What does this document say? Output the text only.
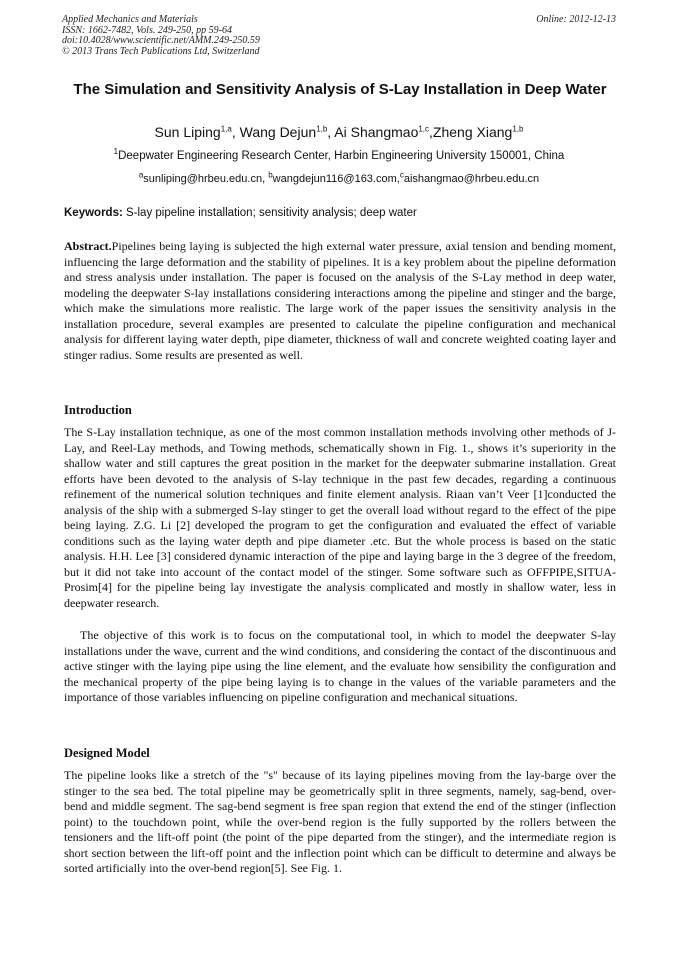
Applied Mechanics and Materials
ISSN: 1662-7482, Vols. 249-250, pp 59-64
doi:10.4028/www.scientific.net/AMM.249-250.59
© 2013 Trans Tech Publications Ltd, Switzerland
Online: 2012-12-13
The Simulation and Sensitivity Analysis of S-Lay Installation in Deep Water
Sun Liping$^{1,a}$, Wang Dejun$^{1,b}$, Ai Shangmao$^{1,c}$,Zheng Xiang$^{1,b}$
$^1$Deepwater Engineering Research Center, Harbin Engineering University 150001, China
$^a$sunliping@hrbeu.edu.cn, $^b$wangdejun116@163.com,$^c$aishangmao@hrbeu.edu.cn
Keywords: S-lay pipeline installation; sensitivity analysis; deep water
Abstract.Pipelines being laying is subjected the high external water pressure, axial tension and bending moment, influencing the large deformation and the stability of pipelines. It is a key problem about the pipeline deformation and stress analysis under installation. The paper is focused on the analysis of the S-Lay method in deep water, modeling the deepwater S-lay installations considering interactions among the pipeline and stinger and the barge, which make the simulations more realistic. The large work of the paper issues the sensitivity analysis in the installation procedure, several examples are presented to calculate the pipeline configuration and mechanical analysis for different laying water depth, pipe diameter, thickness of wall and concrete weighted coating layer and stinger radius. Some results are presented as well.
Introduction
The S-Lay installation technique, as one of the most common installation methods involving other methods of J-Lay, and Reel-Lay methods, and Towing methods, schematically shown in Fig. 1., shows it’s superiority in the shallow water and still captures the great position in the market for the deepwater submarine installation. Great efforts have been devoted to the analysis of S-lay technique in the past few decades, regarding a continuous refinement of the numerical solution techniques and finite element analysis. Riaan van’t Veer [1]conducted the analysis of the ship with a submerged S-lay stinger to get the overall load without regard to the effect of the pipe being laying. Z.G. Li [2] developed the program to get the configuration and evaluated the effect of variable conditions such as the laying water depth and pipe diameter .etc. But the whole process is based on the static analysis. H.H. Lee [3] considered dynamic interaction of the pipe and laying barge in the 3 degree of the freedom, but it did not take into account of the contact model of the stinger. Some software such as OFFPIPE,SITUA-Prosim[4] for the pipeline being lay investigate the analysis complicated and mostly in shallow water, less in deepwater research.
The objective of this work is to focus on the computational tool, in which to model the deepwater S-lay installations under the wave, current and the wind conditions, and considering the contact of the discontinuous and active stinger with the laying pipe using the line element, and the evaluate how sensibility the configuration and the mechanical property of the pipe being laying is to change in the values of the variable parameters and the importance of those variables influencing on pipeline configuration and mechanical situations.
Designed Model
The pipeline looks like a stretch of the "s" because of its laying pipelines moving from the lay-barge over the stinger to the sea bed. The total pipeline may be geometrically split in three segments, namely, sag-bend, over-bend and middle segment. The sag-bend segment is free span region that extend the end of the stinger (inflection point) to the touchdown point, while the over-bend region is the fully supported by the rollers between the tensioners and the lift-off point (the point of the pipe departed from the stinger), and the intermediate region is short section between the lift-off point and the inflection point which can be difficult to determine and always be sorted artificially into the over-bend region[5]. See Fig. 1.
